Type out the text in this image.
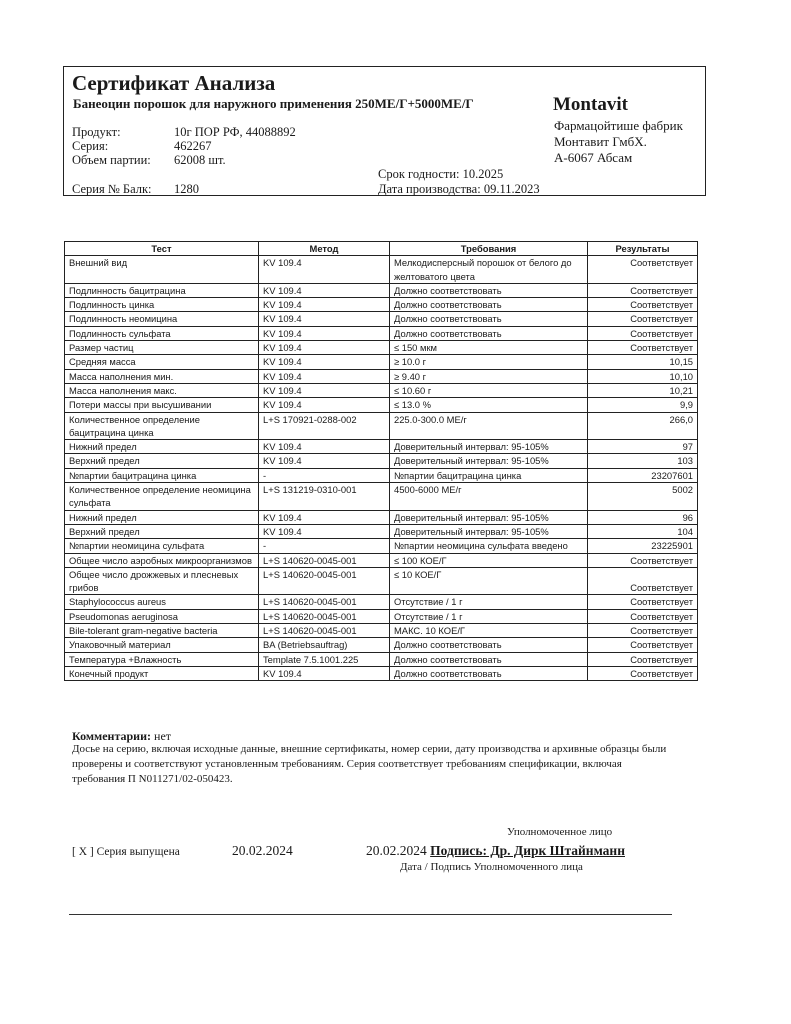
Сертификат Анализа
Банеоцин порошок для наружного применения 250МЕ/Г+5000МЕ/Г	Montavit
Фармацойтише фабрик
Монтавит ГмбХ.
А-6067 Абсам
Продукт:	10г ПОР РФ, 44088892
Серия:	462267
Объем партии: 62008 шт.
Срок годности: 10.2025
Серия № Балк: 1280	Дата производства: 09.11.2023
Тест	Метод	Требования	Результаты
Внешний вид	KV 109.4	Мелкодисперсный порошок от белого до желтоватого цвета	Соответствует
Подлинность бацитрацина	KV 109.4	Должно соответствовать	Соответствует
Подлинность цинка	KV 109.4	Должно соответствовать	Соответствует
Подлинность неомицина	KV 109.4	Должно соответствовать	Соответствует
Подлинность сульфата	KV 109.4	Должно соответствовать	Соответствует
Размер частиц	KV 109.4	≤ 150 мкм	Соответствует
Средняя масса	KV 109.4	≥ 10.0 г	10,15
Масса наполнения мин.	KV 109.4	≥ 9.40 г	10,10
Масса наполнения макс.	KV 109.4	≤ 10.60 г	10,21
Потери массы при высушивании	KV 109.4	≤ 13.0 %	9,9
Количественное определение бацитрацина цинка	L+S 170921-0288-002	225.0-300.0 МЕ/г	266,0
Нижний предел	KV 109.4	Доверительный интервал: 95-105%	97
Верхний предел	KV 109.4	Доверительный интервал: 95-105%	103
№партии бацитрацина цинка	-	№партии бацитрацина цинка	23207601
Количественное определение неомицина сульфата	L+S 131219-0310-001	4500-6000 МЕ/г	5002
Нижний предел	KV 109.4	Доверительный интервал: 95-105%	96
Верхний предел	KV 109.4	Доверительный интервал: 95-105%	104
№партии неомицина сульфата	-	№партии неомицина сульфата введено	23225901
Общее число аэробных микроорганизмов	L+S 140620-0045-001	≤ 100 КОЕ/Г	Соответствует
Общее число дрожжевых и плесневых грибов	L+S 140620-0045-001	≤ 10 КОЕ/Г	Соответствует

Staphylococcus aureus	L+S 140620-0045-001	Отсутствие / 1 г	Соответствует
Pseudomonas aeruginosa	L+S 140620-0045-001	Отсутствие / 1 г	Соответствует
Bile-tolerant gram-negative bacteria	L+S 140620-0045-001	МАКС. 10 КОЕ/Г	Соответствует
Упаковочный материал	BA (Betriebsauftrag)	Должно соответствовать	Соответствует
Температура +Влажность	Template 7.5.1001.225	Должно соответствовать	Соответствует
Конечный продукт	KV 109.4	Должно соответствовать	Соответствует
Комментарии: нет
Досье на серию, включая исходные данные, внешние сертификаты, номер серии, дату производства и архивные образцы были проверены и соответствуют установленным требованиям. Серия соответствует требованиям спецификации, включая требования П N011271/02-050423.
Уполномоченное лицо
[ X ] Серия выпущена	20.02.2024	20.02.2024 Подпись: Др. Дирк Штайнманн
Дата / Подпись Уполномоченного лица
